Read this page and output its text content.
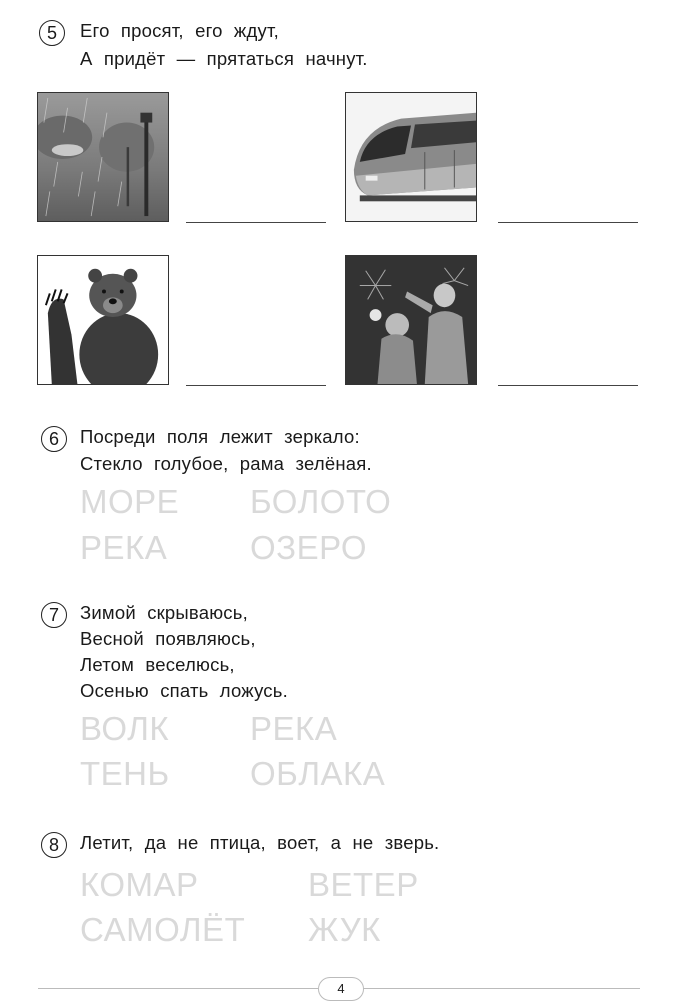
5	Его просят, его ждут,
А придёт — прятаться начнут.
6	Посреди поля лежит зеркало:
Стекло голубое, рама зелёная.
МОРЕ БОЛОТО
РЕКА	ОЗЕРО
7	Зимой скрываюсь,
Весной появляюсь,
Летом веселюсь,
Осенью спать ложусь.
ВОЛК РЕКА
ТЕНЬ ОБЛАКА
8	Летит, да не птица, воет, а не зверь.
КОМАР	ВЕТЕР
САМОЛЁТ ЖУК
4
